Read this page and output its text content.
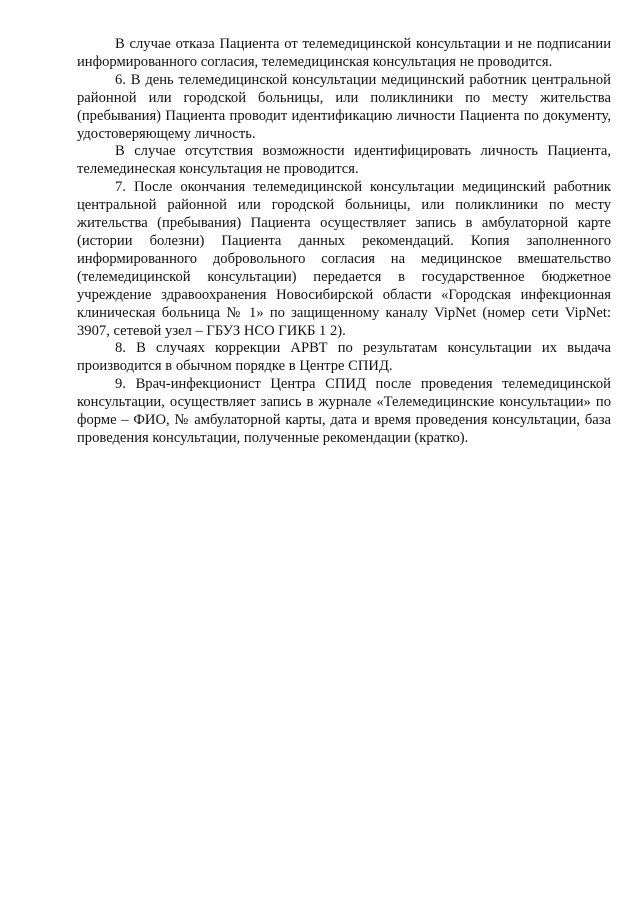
В случае отказа Пациента от телемедицинской консультации и не подписании информированного согласия, телемедицинская консультация не проводится.

6. В день телемедицинской консультации медицинский работник центральной районной или городской больницы, или поликлиники по месту жительства (пребывания) Пациента проводит идентификацию личности Пациента по документу, удостоверяющему личность.

В случае отсутствия возможности идентифицировать личность Пациента, телемединеская консультация не проводится.

7. После окончания телемедицинской консультации медицинский работник центральной районной или городской больницы, или поликлиники по месту жительства (пребывания) Пациента осуществляет запись в амбулаторной карте (истории болезни) Пациента данных рекомендаций. Копия заполненного информированного добровольного согласия на медицинское вмешательство (телемедицинской консультации) передается в государственное бюджетное учреждение здравоохранения Новосибирской области «Городская инфекционная клиническая больница № 1» по защищенному каналу VipNet (номер сети VipNet: 3907, сетевой узел – ГБУЗ НСО ГИКБ 1 2).

8. В случаях коррекции АРВТ по результатам консультации их выдача производится в обычном порядке в Центре СПИД.

9. Врач-инфекционист Центра СПИД после проведения телемедицинской консультации, осуществляет запись в журнале «Телемедицинские консультации» по форме – ФИО, № амбулаторной карты, дата и время проведения консультации, база проведения консультации, полученные рекомендации (кратко).
